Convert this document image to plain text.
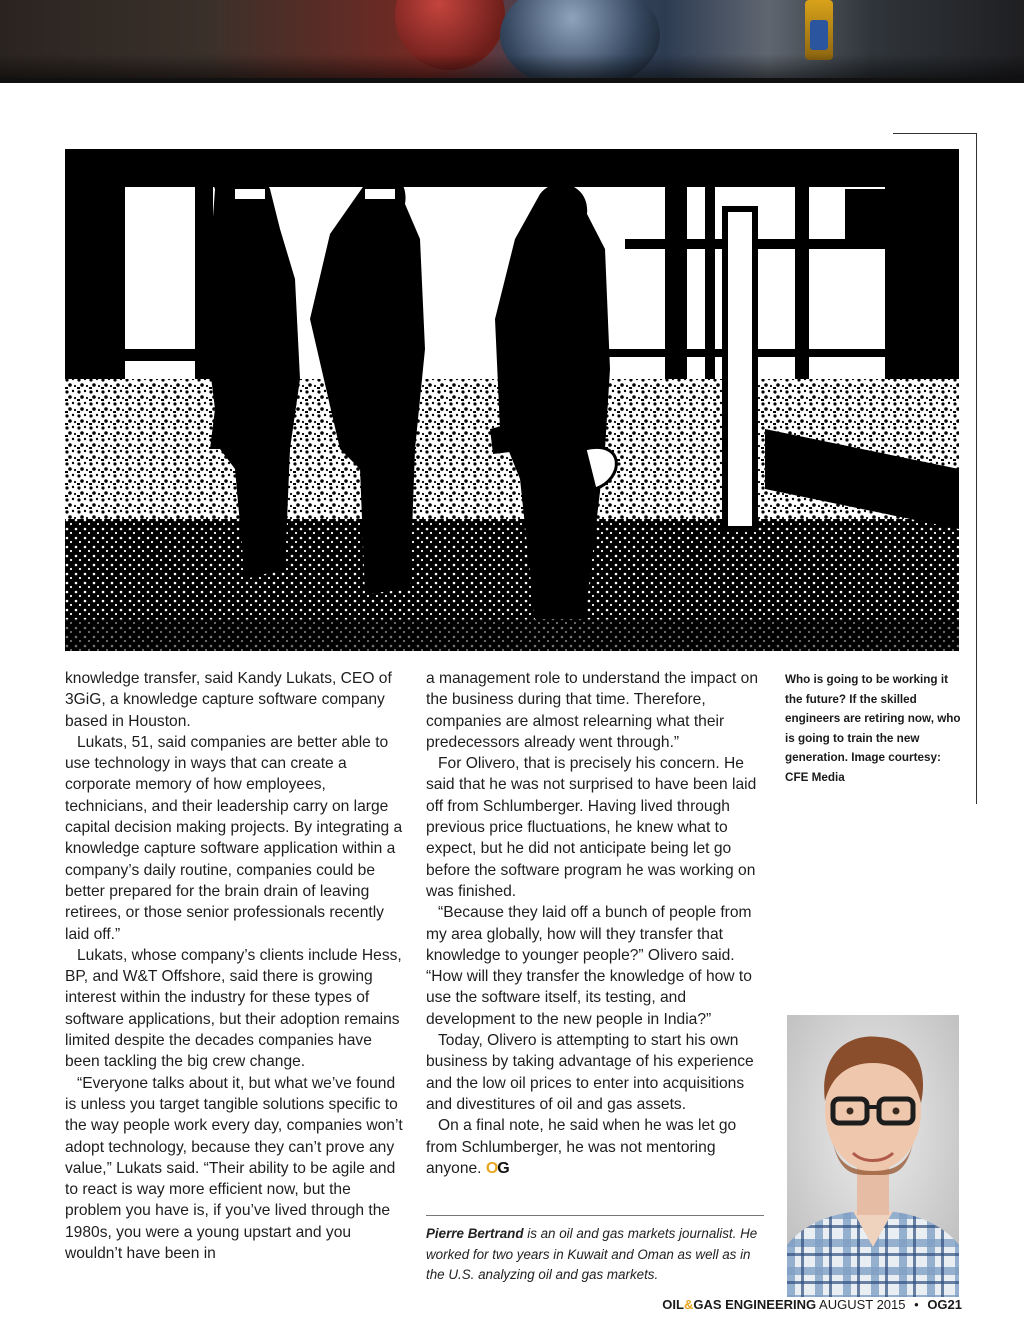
knowledge transfer, said Kandy Lukats, CEO of 3GiG, a knowledge capture software company based in Houston.

Lukats, 51, said companies are better able to use technology in ways that can create a corporate memory of how employees, technicians, and their leadership carry on large capital decision making projects. By integrating a knowledge capture software application within a company’s daily routine, companies could be better prepared for the brain drain of leaving retirees, or those senior professionals recently laid off.”

Lukats, whose company’s clients include Hess, BP, and W&T Offshore, said there is growing interest within the industry for these types of software applications, but their adoption remains limited despite the decades companies have been tackling the big crew change.

“Everyone talks about it, but what we’ve found is unless you target tangible solutions specific to the way people work every day, companies won’t adopt technology, because they can’t prove any value,” Lukats said. “Their ability to be agile and to react is way more efficient now, but the problem you have is, if you’ve lived through the 1980s, you were a young upstart and you wouldn’t have been in

a management role to understand the impact on the business during that time. Therefore, companies are almost relearning what their predecessors already went through.”

For Olivero, that is precisely his concern. He said that he was not surprised to have been laid off from Schlumberger. Having lived through previous price fluctuations, he knew what to expect, but he did not anticipate being let go before the software program he was working on was finished.

“Because they laid off a bunch of people from my area globally, how will they transfer that knowledge to younger people?” Olivero said. “How will they transfer the knowledge of how to use the software itself, its testing, and development to the new people in India?”

Today, Olivero is attempting to start his own business by taking advantage of his experience and the low oil prices to enter into acquisitions and divestitures of oil and gas assets.

On a final note, he said when he was let go from Schlumberger, he was not mentoring anyone. OG

Pierre Bertrand is an oil and gas markets journalist. He worked for two years in Kuwait and Oman as well as in the U.S. analyzing oil and gas markets.
Who is going to be working it the future? If the skilled engineers are retiring now, who is going to train the new generation. Image courtesy: CFE Media
OIL&GAS ENGINEERING AUGUST 2015 • OG21
